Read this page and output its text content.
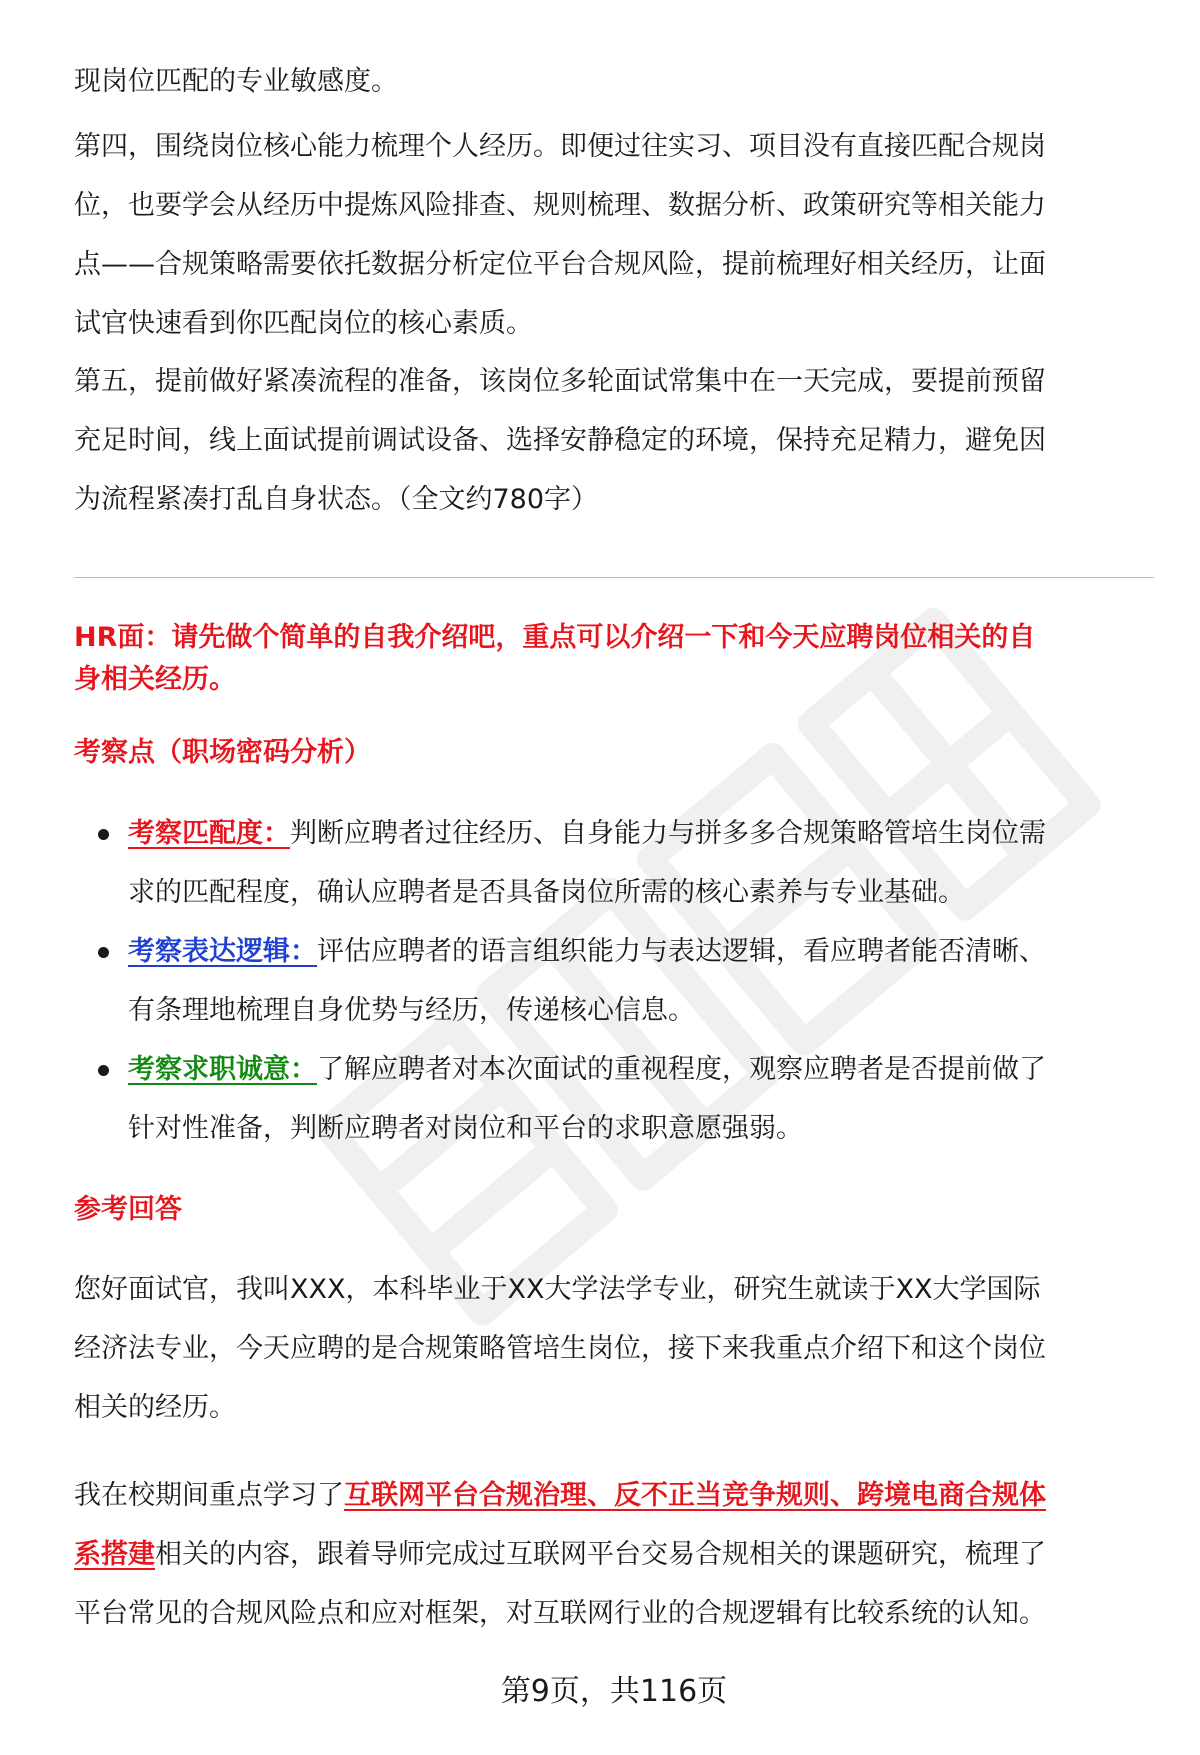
现岗位匹配的专业敏感度。

第四，围绕岗位核心能力梳理个人经历。即便过往实习、项目没有直接匹配合规岗
位，也要学会从经历中提炼风险排查、规则梳理、数据分析、政策研究等相关能力
点——合规策略需要依托数据分析定位平台合规风险，提前梳理好相关经历，让面
试官快速看到你匹配岗位的核心素质。

第五，提前做好紧凑流程的准备，该岗位多轮面试常集中在一天完成，要提前预留
充足时间，线上面试提前调试设备、选择安静稳定的环境，保持充足精力，避免因
为流程紧凑打乱自身状态。（全文约780字）

HR面：请先做个简单的自我介绍吧，重点可以介绍一下和今天应聘岗位相关的自
身相关经历。

考察点（职场密码分析）
考察匹配度：判断应聘者过往经历、自身能力与拼多多合规策略管培生岗位需
求的匹配程度，确认应聘者是否具备岗位所需的核心素养与专业基础。
考察表达逻辑：评估应聘者的语言组织能力与表达逻辑，看应聘者能否清晰、
有条理地梳理自身优势与经历，传递核心信息。
考察求职诚意：了解应聘者对本次面试的重视程度，观察应聘者是否提前做了
针对性准备，判断应聘者对岗位和平台的求职意愿强弱。
参考回答

您好面试官，我叫XXX，本科毕业于XX大学法学专业，研究生就读于XX大学国际
经济法专业，今天应聘的是合规策略管培生岗位，接下来我重点介绍下和这个岗位
相关的经历。

我在校期间重点学习了互联网平台合规治理、反不正当竞争规则、跨境电商合规体
系搭建相关的内容，跟着导师完成过互联网平台交易合规相关的课题研究，梳理了
平台常见的合规风险点和应对框架，对互联网行业的合规逻辑有比较系统的认知。

第9页，共116页
